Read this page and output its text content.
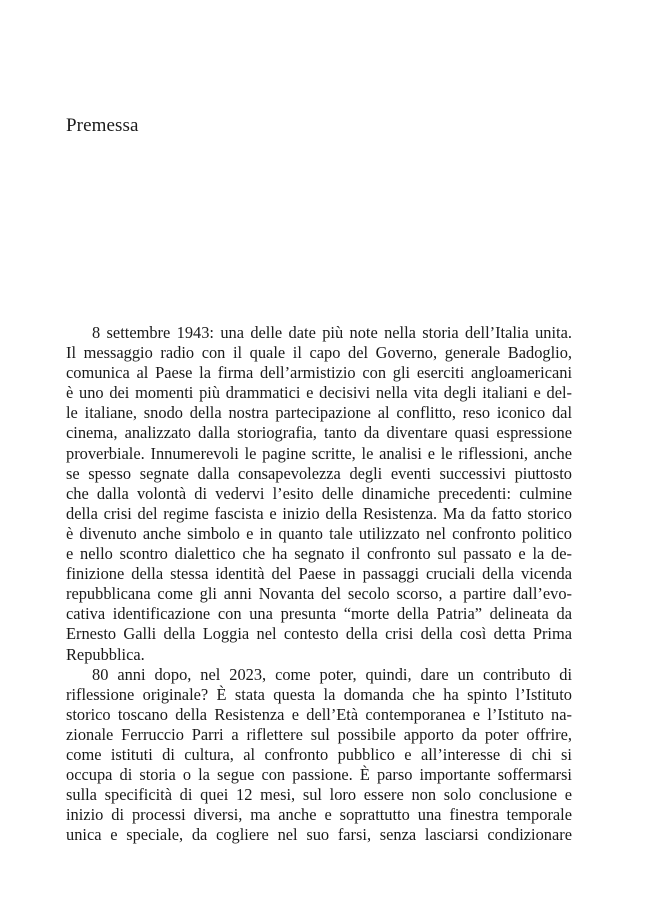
Premessa

8 settembre 1943: una delle date più note nella storia dell’Italia unita.
Il messaggio radio con il quale il capo del Governo, generale Badoglio,
comunica al Paese la firma dell’armistizio con gli eserciti angloamericani
è uno dei momenti più drammatici e decisivi nella vita degli italiani e del-
le italiane, snodo della nostra partecipazione al conflitto, reso iconico dal
cinema, analizzato dalla storiografia, tanto da diventare quasi espressione
proverbiale. Innumerevoli le pagine scritte, le analisi e le riflessioni, anche
se spesso segnate dalla consapevolezza degli eventi successivi piuttosto
che dalla volontà di vedervi l’esito delle dinamiche precedenti: culmine
della crisi del regime fascista e inizio della Resistenza. Ma da fatto storico
è divenuto anche simbolo e in quanto tale utilizzato nel confronto politico
e nello scontro dialettico che ha segnato il confronto sul passato e la de-
finizione della stessa identità del Paese in passaggi cruciali della vicenda
repubblicana come gli anni Novanta del secolo scorso, a partire dall’evo-
cativa identificazione con una presunta “morte della Patria” delineata da
Ernesto Galli della Loggia nel contesto della crisi della così detta Prima
Repubblica.

80 anni dopo, nel 2023, come poter, quindi, dare un contributo di
riflessione originale? È stata questa la domanda che ha spinto l’Istituto
storico toscano della Resistenza e dell’Età contemporanea e l’Istituto na-
zionale Ferruccio Parri a riflettere sul possibile apporto da poter offrire,
come istituti di cultura, al confronto pubblico e all’interesse di chi si
occupa di storia o la segue con passione. È parso importante soffermarsi
sulla specificità di quei 12 mesi, sul loro essere non solo conclusione e
inizio di processi diversi, ma anche e soprattutto una finestra temporale
unica e speciale, da cogliere nel suo farsi, senza lasciarsi condizionare
